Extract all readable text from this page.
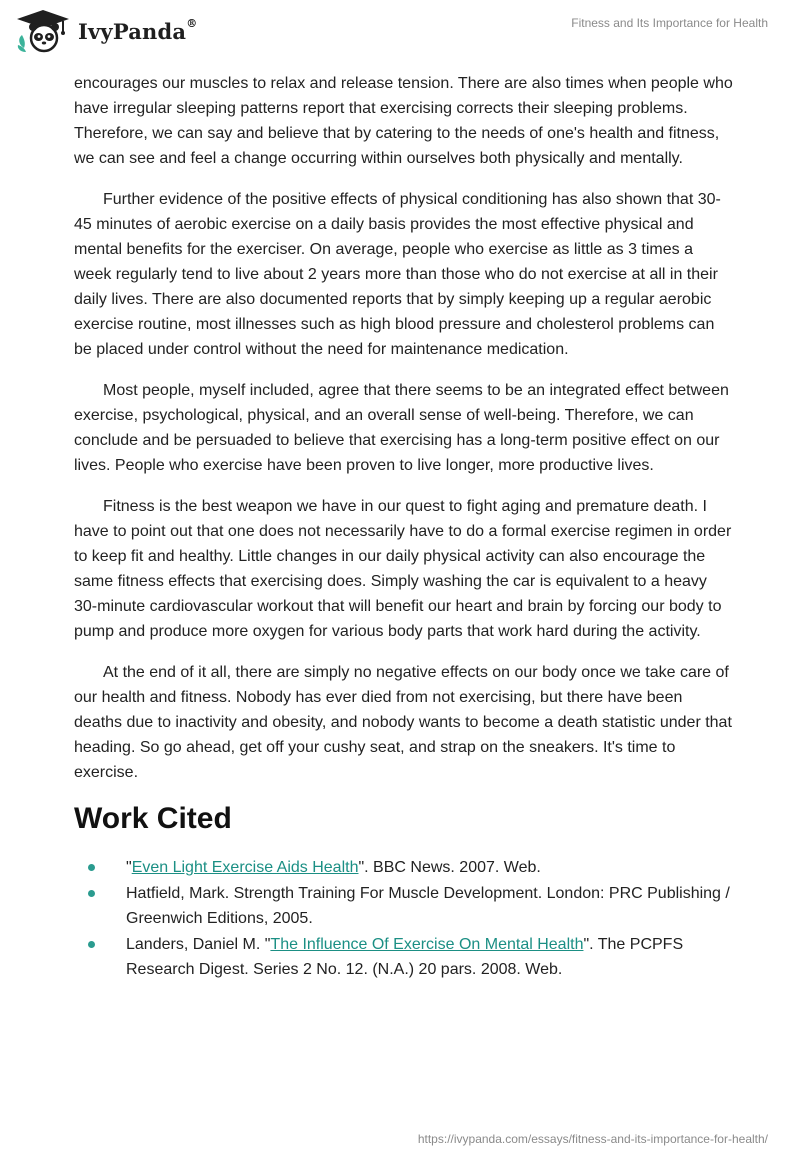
IvyPanda®	Fitness and Its Importance for Health

encourages our muscles to relax and release tension. There are also times when people who have irregular sleeping patterns report that exercising corrects their sleeping problems. Therefore, we can say and believe that by catering to the needs of one's health and fitness, we can see and feel a change occurring within ourselves both physically and mentally.

Further evidence of the positive effects of physical conditioning has also shown that 30-45 minutes of aerobic exercise on a daily basis provides the most effective physical and mental benefits for the exerciser. On average, people who exercise as little as 3 times a week regularly tend to live about 2 years more than those who do not exercise at all in their daily lives. There are also documented reports that by simply keeping up a regular aerobic exercise routine, most illnesses such as high blood pressure and cholesterol problems can be placed under control without the need for maintenance medication.

Most people, myself included, agree that there seems to be an integrated effect between exercise, psychological, physical, and an overall sense of well-being. Therefore, we can conclude and be persuaded to believe that exercising has a long-term positive effect on our lives. People who exercise have been proven to live longer, more productive lives.

Fitness is the best weapon we have in our quest to fight aging and premature death. I have to point out that one does not necessarily have to do a formal exercise regimen in order to keep fit and healthy. Little changes in our daily physical activity can also encourage the same fitness effects that exercising does. Simply washing the car is equivalent to a heavy 30-minute cardiovascular workout that will benefit our heart and brain by forcing our body to pump and produce more oxygen for various body parts that work hard during the activity.

At the end of it all, there are simply no negative effects on our body once we take care of our health and fitness. Nobody has ever died from not exercising, but there have been deaths due to inactivity and obesity, and nobody wants to become a death statistic under that heading. So go ahead, get off your cushy seat, and strap on the sneakers. It's time to exercise.

Work Cited
"Even Light Exercise Aids Health". BBC News. 2007. Web.
Hatfield, Mark. Strength Training For Muscle Development. London: PRC Publishing / Greenwich Editions, 2005.
Landers, Daniel M. "The Influence Of Exercise On Mental Health". The PCPFS Research Digest. Series 2 No. 12. (N.A.) 20 pars. 2008. Web.
https://ivypanda.com/essays/fitness-and-its-importance-for-health/
